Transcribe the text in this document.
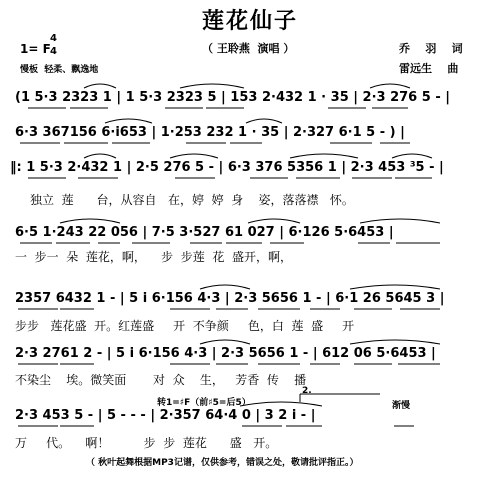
莲花仙子
（ 王聆燕  演唱 ）	乔    羽    词
雷远生    曲
1= F
4
4
慢板  轻柔、飘逸地
(1 5·3 2323 1 | 1 5·3 2323 5 | 153 2·432 1 · 35 | 2·3 276 5 ‑ |
6·3 367156 6·i653 | 1·253 232 1 · 35 | 2·327 6·1 5 ‑ ) |
‖: 1 5·3 2·432 1 | 2·5 276 5 ‑ | 6·3 376 5356 1 | 2·3 453 ³5 ‑ |
独立  莲      台，从容自   在，婷  婷  身    姿，落落襟   怀。
6·5 1·243 22 056 | 7·5 3·527 61 027 | 6·126 5·6453 |
一  步一  朵  莲花，啊，    步  步莲  花  盛开，啊，
2357 6432 1 ‑ | 5 i 6·156 4·3 | 2·3 5656 1 ‑ | 6·1 26 5645 3 |
步步   莲花盛  开。红莲盛     开  不争颜     色，白  莲  盛     开
2·3 2761 2 ‑ | 5 i 6·156 4·3 | 2·3 5656 1 ‑ | 612 06 5·6453 |
不染尘    埃。微笑面       对  众    生，   芳香  传    播
转1=♯F（前♯5=后5）
2.
渐慢
2·3 453 5 ‑ | 5 ‑ ‑ ‑ | 2·357 64·4 0 | 3 2 i ‑ |
万     代。    啊！         步  步  莲花      盛   开。
（ 秋叶起舞根据MP3记谱，仅供参考，错误之处，敬请批评指正。）
